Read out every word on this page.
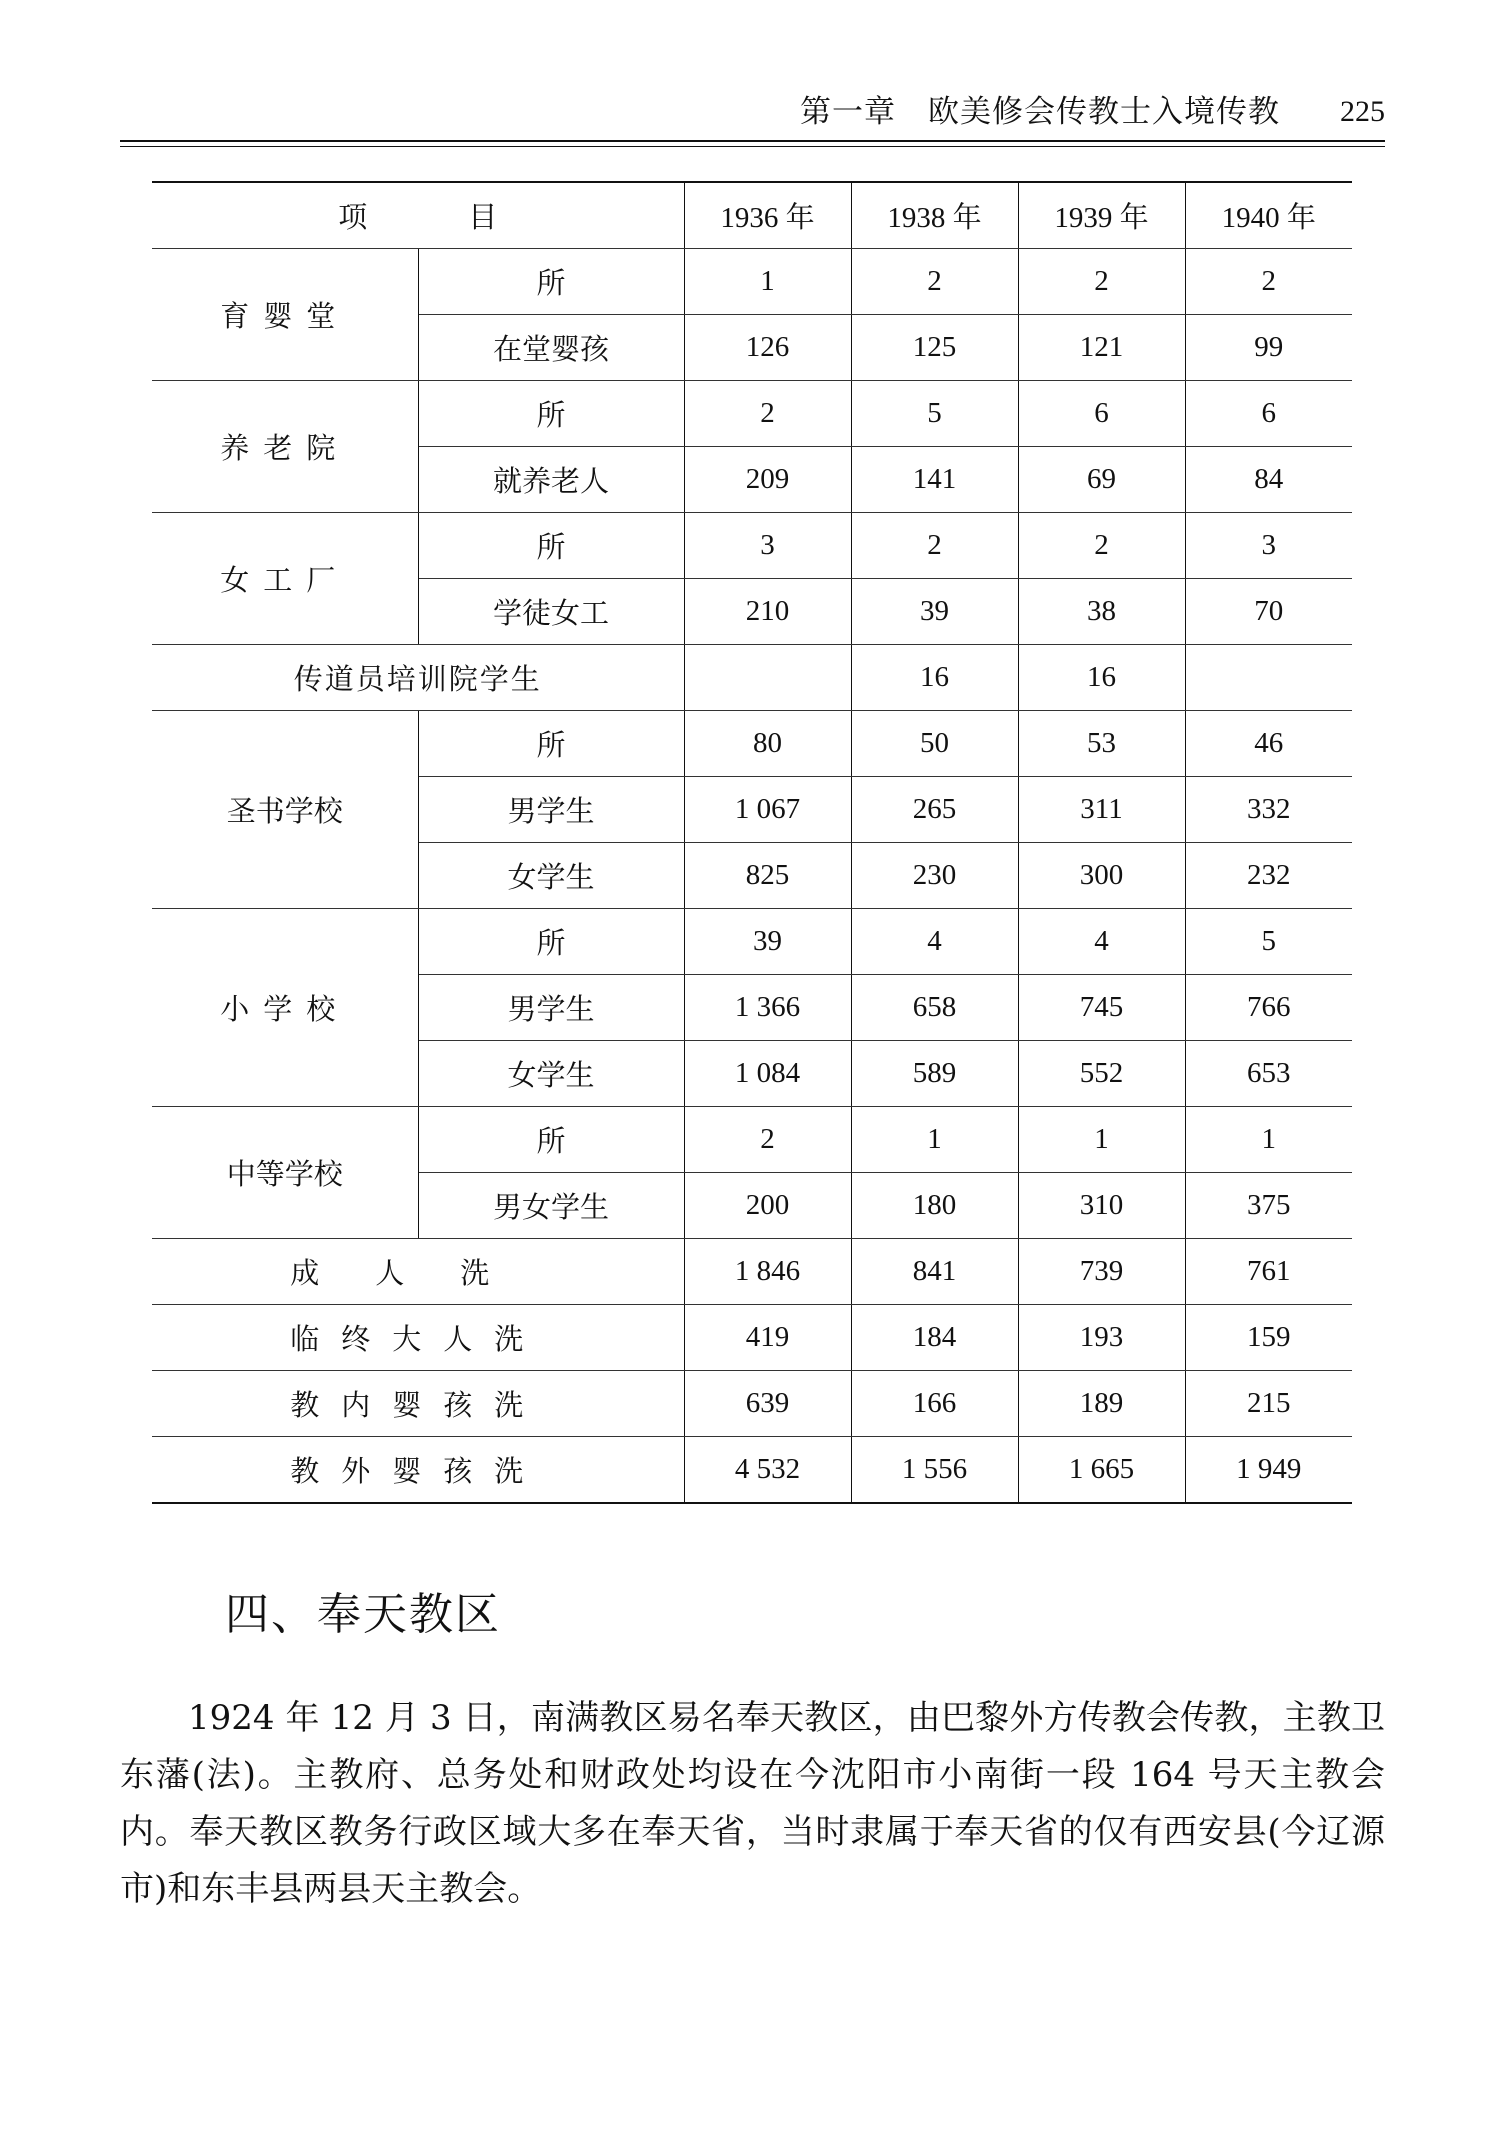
第一章　欧美修会传教士入境传教 225
项 目		1936 年	1938 年	1939 年	1940 年
育婴堂	所	1	2	2	2
	在堂婴孩	126	125	121	99
养老院	所	2	5	6	6
	就养老人	209	141	69	84
女工厂	所	3	2	2	3
	学徒女工	210	39	38	70
传道员培训院学生			16	16	
圣书学校	所	80	50	53	46
	男学生	1 067	265	311	332
	女学生	825	230	300	232
小学校	所	39	4	4	5
	男学生	1 366	658	745	766
	女学生	1 084	589	552	653
中等学校	所	2	1	1	1
	男女学生	200	180	310	375
成人洗		1 846	841	739	761
临终大人洗		419	184	193	159
教内婴孩洗		639	166	189	215
教外婴孩洗		4 532	1 556	1 665	1 949
四、奉天教区
1924 年 12 月 3 日，南满教区易名奉天教区，由巴黎外方传教会传教，主教卫东藩(法)。主教府、总务处和财政处均设在今沈阳市小南街一段 164 号天主教会内。奉天教区教务行政区域大多在奉天省，当时隶属于奉天省的仅有西安县(今辽源市)和东丰县两县天主教会。
